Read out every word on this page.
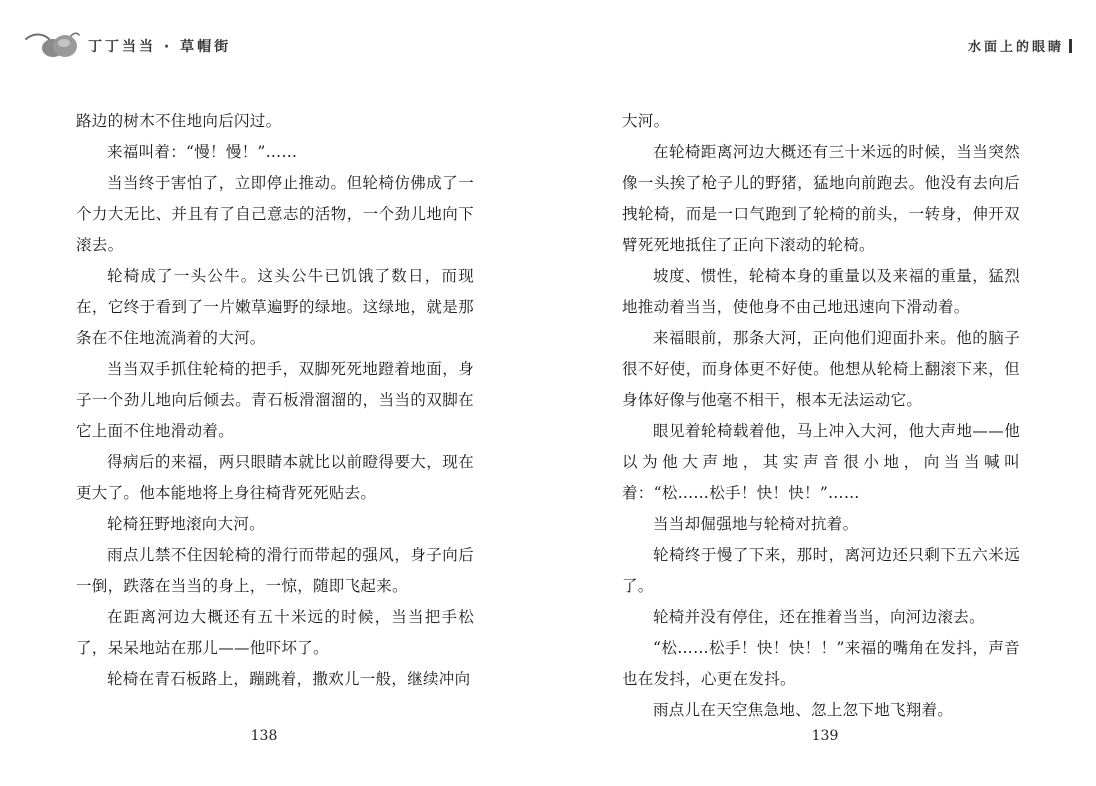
丁丁当当 · 草帽街	水面上的眼睛

路边的树木不住地向后闪过。

来福叫着：“慢！慢！”……

当当终于害怕了，立即停止推动。但轮椅仿佛成了一个力大无比、并且有了自己意志的活物，一个劲儿地向下滚去。

轮椅成了一头公牛。这头公牛已饥饿了数日，而现在，它终于看到了一片嫩草遍野的绿地。这绿地，就是那条在不住地流淌着的大河。

当当双手抓住轮椅的把手，双脚死死地蹬着地面，身子一个劲儿地向后倾去。青石板滑溜溜的，当当的双脚在它上面不住地滑动着。

得病后的来福，两只眼睛本就比以前瞪得要大，现在更大了。他本能地将上身往椅背死死贴去。

轮椅狂野地滚向大河。

雨点儿禁不住因轮椅的滑行而带起的强风，身子向后一倒，跌落在当当的身上，一惊，随即飞起来。

在距离河边大概还有五十米远的时候，当当把手松了，呆呆地站在那儿——他吓坏了。

轮椅在青石板路上，蹦跳着，撒欢儿一般，继续冲向

大河。

在轮椅距离河边大概还有三十米远的时候，当当突然像一头挨了枪子儿的野猪，猛地向前跑去。他没有去向后拽轮椅，而是一口气跑到了轮椅的前头，一转身，伸开双臂死死地抵住了正向下滚动的轮椅。

坡度、惯性，轮椅本身的重量以及来福的重量，猛烈地推动着当当，使他身不由己地迅速向下滑动着。

来福眼前，那条大河，正向他们迎面扑来。他的脑子很不好使，而身体更不好使。他想从轮椅上翻滚下来，但身体好像与他毫不相干，根本无法运动它。

眼见着轮椅载着他，马上冲入大河，他大声地——他以为他大声地，其实声音很小地，向当当喊叫着：“松……松手！快！快！”……

当当却倔强地与轮椅对抗着。

轮椅终于慢了下来，那时，离河边还只剩下五六米远了。

轮椅并没有停住，还在推着当当，向河边滚去。

“松……松手！快！快！！”来福的嘴角在发抖，声音也在发抖，心更在发抖。

雨点儿在天空焦急地、忽上忽下地飞翔着。

138	139
